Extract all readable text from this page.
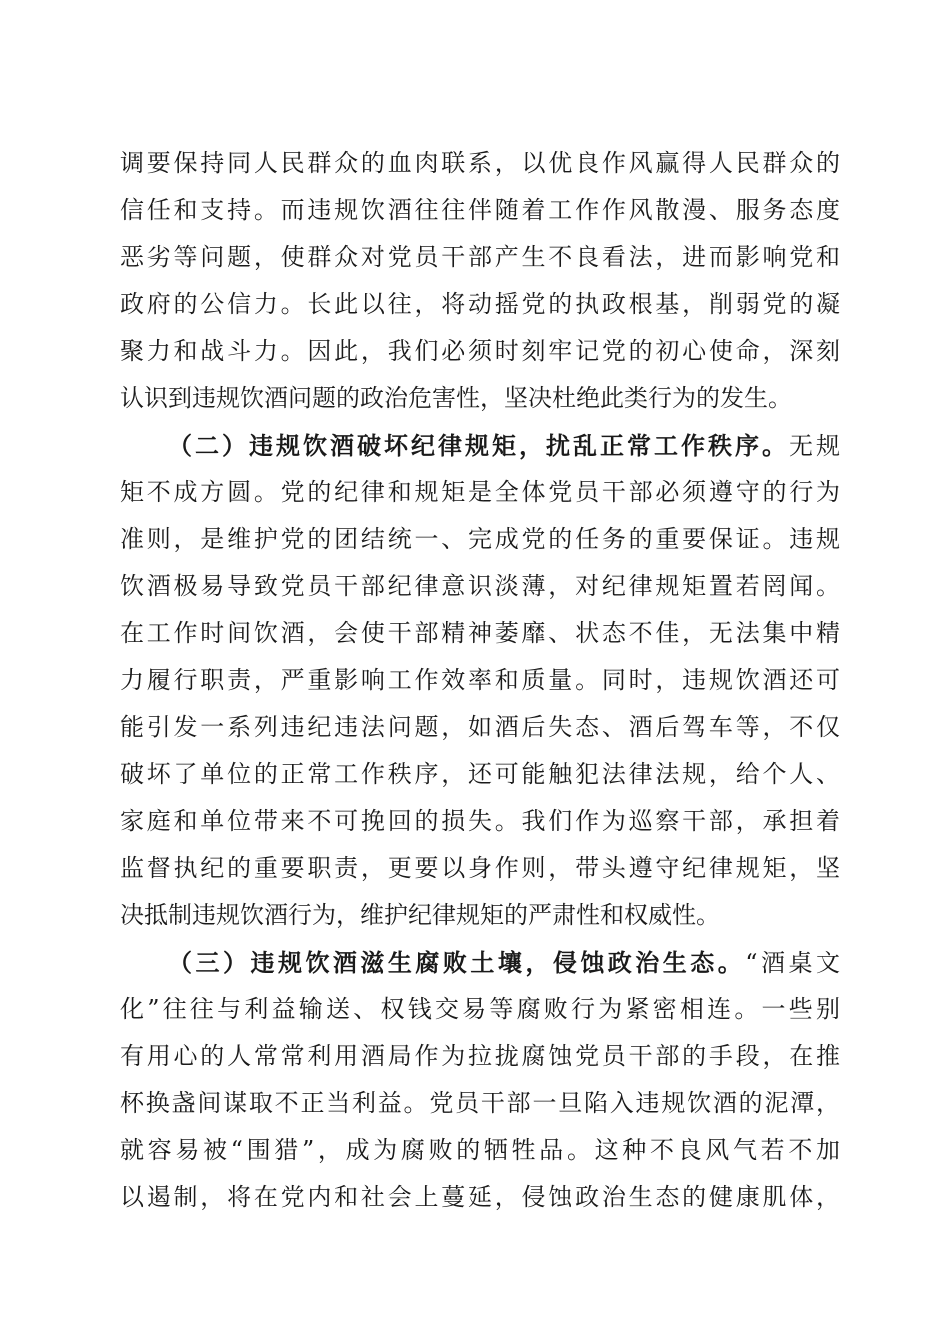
调要保持同人民群众的血肉联系，以优良作风赢得人民群众的
信任和支持。而违规饮酒往往伴随着工作作风散漫、服务态度
恶劣等问题，使群众对党员干部产生不良看法，进而影响党和
政府的公信力。长此以往，将动摇党的执政根基，削弱党的凝
聚力和战斗力。因此，我们必须时刻牢记党的初心使命，深刻
认识到违规饮酒问题的政治危害性，坚决杜绝此类行为的发生。
（二）违规饮酒破坏纪律规矩，扰乱正常工作秩序。无规
矩不成方圆。党的纪律和规矩是全体党员干部必须遵守的行为
准则，是维护党的团结统一、完成党的任务的重要保证。违规
饮酒极易导致党员干部纪律意识淡薄，对纪律规矩置若罔闻。
在工作时间饮酒，会使干部精神萎靡、状态不佳，无法集中精
力履行职责，严重影响工作效率和质量。同时，违规饮酒还可
能引发一系列违纪违法问题，如酒后失态、酒后驾车等，不仅
破坏了单位的正常工作秩序，还可能触犯法律法规，给个人、
家庭和单位带来不可挽回的损失。我们作为巡察干部，承担着
监督执纪的重要职责，更要以身作则，带头遵守纪律规矩，坚
决抵制违规饮酒行为，维护纪律规矩的严肃性和权威性。
（三）违规饮酒滋生腐败土壤，侵蚀政治生态。“酒桌文
化”往往与利益输送、权钱交易等腐败行为紧密相连。一些别
有用心的人常常利用酒局作为拉拢腐蚀党员干部的手段，在推
杯换盏间谋取不正当利益。党员干部一旦陷入违规饮酒的泥潭，
就容易被“围猎”，成为腐败的牺牲品。这种不良风气若不加
以遏制，将在党内和社会上蔓延，侵蚀政治生态的健康肌体，
